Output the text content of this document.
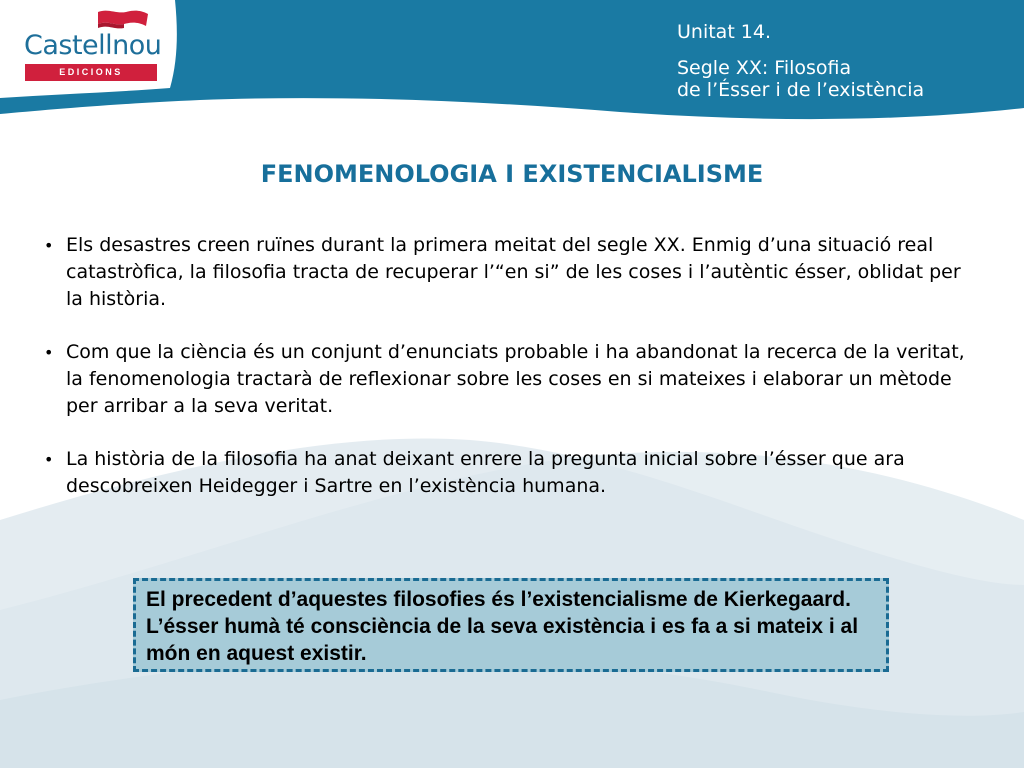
Castellnou
EDICIONS
Unitat 14.
Segle XX: Filosofia
de l’Ésser i de l’existència
FENOMENOLOGIA I EXISTENCIALISME
• Els desastres creen ruïnes durant la primera meitat del segle XX. Enmig d’una situació real catastròfica, la filosofia tracta de recuperar l’“en si” de les coses i l’autèntic ésser, oblidat per la història.
• Com que la ciència és un conjunt d’enunciats probable i ha abandonat la recerca de la veritat, la fenomenologia tractarà de reflexionar sobre les coses en si mateixes i elaborar un mètode per arribar a la seva veritat.
• La història de la filosofia ha anat deixant enrere la pregunta inicial sobre l’ésser que ara descobreixen Heidegger i Sartre en l’existència humana.

El precedent d’aquestes filosofies és l’existencialisme de Kierkegaard. L’ésser humà té consciència de la seva existència i es fa a si mateix i al món en aquest existir.
